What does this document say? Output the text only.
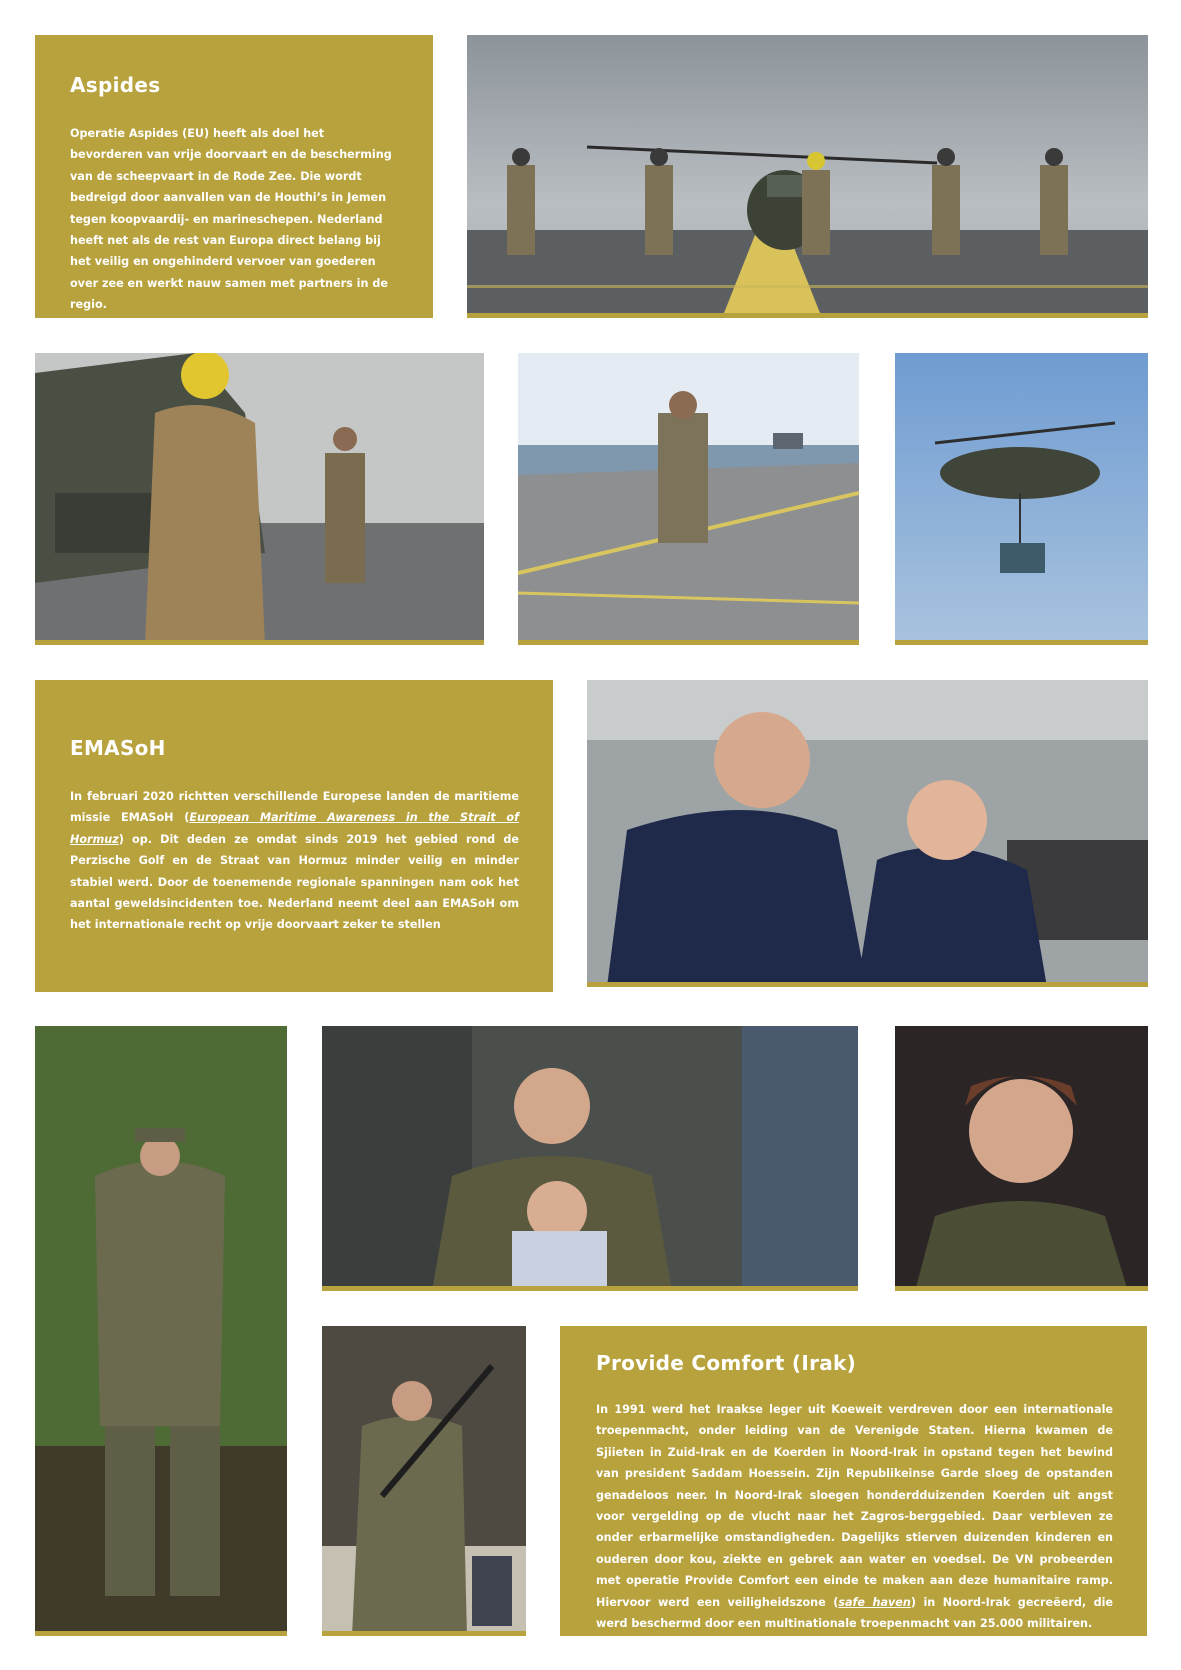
Aspides

Operatie Aspides (EU) heeft als doel het bevorderen van vrije doorvaart en de bescherming van de scheepvaart in de Rode Zee. Die wordt bedreigd door aanvallen van de Houthi’s in Jemen tegen koopvaardij- en marineschepen. Nederland heeft net als de rest van Europa direct belang bij het veilig en ongehinderd vervoer van goederen over zee en werkt nauw samen met partners in de regio.

EMASoH

In februari 2020 richtten verschillende Europese landen de maritieme missie EMASoH (European Maritime Awareness in the Strait of Hormuz) op. Dit deden ze omdat sinds 2019 het gebied rond de Perzische Golf en de Straat van Hormuz minder veilig en minder stabiel werd. Door de toenemende regionale spanningen nam ook het aantal geweldsincidenten toe. Nederland neemt deel aan EMASoH om het internationale recht op vrije doorvaart zeker te stellen

Provide Comfort (Irak)

In 1991 werd het Iraakse leger uit Koeweit verdreven door een internationale troepenmacht, onder leiding van de Verenigde Staten. Hierna kwamen de Sjiieten in Zuid-Irak en de Koerden in Noord-Irak in opstand tegen het bewind van president Saddam Hoessein. Zijn Republikeinse Garde sloeg de opstanden genadeloos neer. In Noord-Irak sloegen honderdduizenden Koerden uit angst voor vergelding op de vlucht naar het Zagros-berggebied. Daar verbleven ze onder erbarmelijke omstandigheden. Dagelijks stierven duizenden kinderen en ouderen door kou, ziekte en gebrek aan water en voedsel. De VN probeerden met operatie Provide Comfort een einde te maken aan deze humanitaire ramp. Hiervoor werd een veiligheidszone (safe haven) in Noord-Irak gecreëerd, die werd beschermd door een multinationale troepenmacht van 25.000 militairen.
